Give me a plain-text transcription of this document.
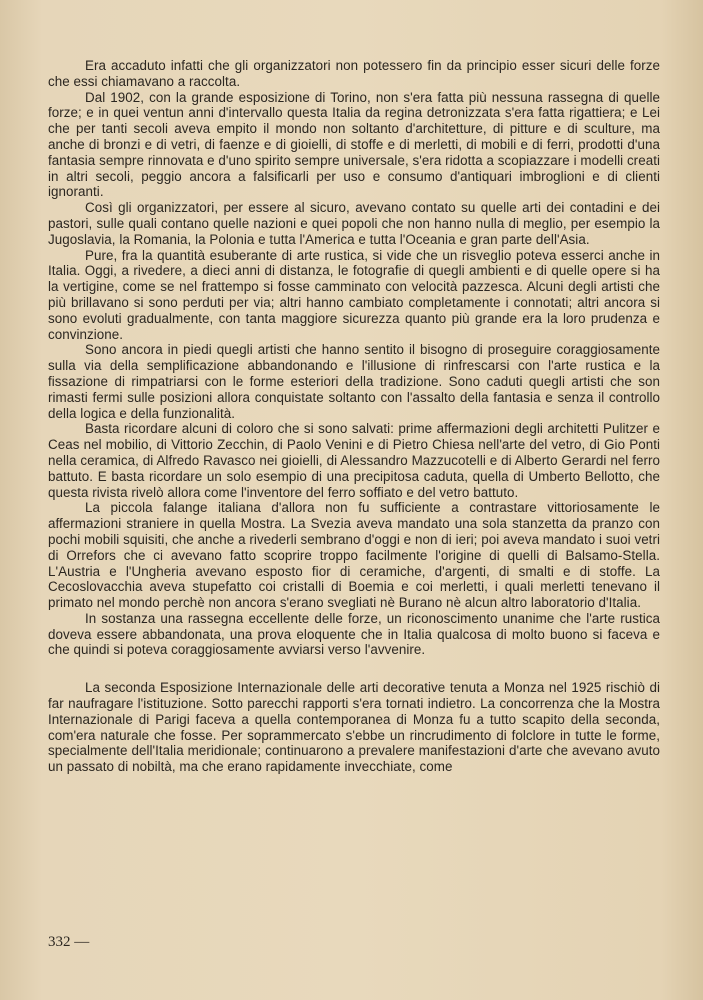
Era accaduto infatti che gli organizzatori non potessero fin da principio esser sicuri delle forze che essi chiamavano a raccolta.

Dal 1902, con la grande esposizione di Torino, non s'era fatta più nessuna rassegna di quelle forze; e in quei ventun anni d'intervallo questa Italia da regina detronizzata s'era fatta rigattiera; e Lei che per tanti secoli aveva empito il mondo non soltanto d'architetture, di pitture e di sculture, ma anche di bronzi e di vetri, di faenze e di gioielli, di stoffe e di merletti, di mobili e di ferri, prodotti d'una fantasia sempre rinnovata e d'uno spirito sempre universale, s'era ridotta a scopiazzare i modelli creati in altri secoli, peggio ancora a falsificarli per uso e consumo d'antiquari imbroglioni e di clienti ignoranti.

Così gli organizzatori, per essere al sicuro, avevano contato su quelle arti dei contadini e dei pastori, sulle quali contano quelle nazioni e quei popoli che non hanno nulla di meglio, per esempio la Jugoslavia, la Romania, la Polonia e tutta l'America e tutta l'Oceania e gran parte dell'Asia.

Pure, fra la quantità esuberante di arte rustica, si vide che un risveglio poteva esserci anche in Italia. Oggi, a rivedere, a dieci anni di distanza, le fotografie di quegli ambienti e di quelle opere si ha la vertigine, come se nel frattempo si fosse camminato con velocità pazzesca. Alcuni degli artisti che più brillavano si sono perduti per via; altri hanno cambiato completamente i connotati; altri ancora si sono evoluti gradualmente, con tanta maggiore sicurezza quanto più grande era la loro prudenza e convinzione.

Sono ancora in piedi quegli artisti che hanno sentito il bisogno di proseguire coraggiosamente sulla via della semplificazione abbandonando e l'illusione di rinfrescarsi con l'arte rustica e la fissazione di rimpatriarsi con le forme esteriori della tradizione. Sono caduti quegli artisti che son rimasti fermi sulle posizioni allora conquistate soltanto con l'assalto della fantasia e senza il controllo della logica e della funzionalità.

Basta ricordare alcuni di coloro che si sono salvati: prime affermazioni degli architetti Pulitzer e Ceas nel mobilio, di Vittorio Zecchin, di Paolo Venini e di Pietro Chiesa nell'arte del vetro, di Gio Ponti nella ceramica, di Alfredo Ravasco nei gioielli, di Alessandro Mazzucotelli e di Alberto Gerardi nel ferro battuto. E basta ricordare un solo esempio di una precipitosa caduta, quella di Umberto Bellotto, che questa rivista rivelò allora come l'inventore del ferro soffiato e del vetro battuto.

La piccola falange italiana d'allora non fu sufficiente a contrastare vittoriosamente le affermazioni straniere in quella Mostra. La Svezia aveva mandato una sola stanzetta da pranzo con pochi mobili squisiti, che anche a rivederli sembrano d'oggi e non di ieri; poi aveva mandato i suoi vetri di Orrefors che ci avevano fatto scoprire troppo facilmente l'origine di quelli di Balsamo-Stella. L'Austria e l'Ungheria avevano esposto fior di ceramiche, d'argenti, di smalti e di stoffe. La Cecoslovacchia aveva stupefatto coi cristalli di Boemia e coi merletti, i quali merletti tenevano il primato nel mondo perchè non ancora s'erano svegliati nè Burano nè alcun altro laboratorio d'Italia.

In sostanza una rassegna eccellente delle forze, un riconoscimento unanime che l'arte rustica doveva essere abbandonata, una prova eloquente che in Italia qualcosa di molto buono si faceva e che quindi si poteva coraggiosamente avviarsi verso l'avvenire.

La seconda Esposizione Internazionale delle arti decorative tenuta a Monza nel 1925 rischiò di far naufragare l'istituzione. Sotto parecchi rapporti s'era tornati indietro. La concorrenza che la Mostra Internazionale di Parigi faceva a quella contemporanea di Monza fu a tutto scapito della seconda, com'era naturale che fosse. Per soprammercato s'ebbe un rincrudimento di folclore in tutte le forme, specialmente dell'Italia meridionale; continuarono a prevalere manifestazioni d'arte che avevano avuto un passato di nobiltà, ma che erano rapidamente invecchiate, come

332 —
